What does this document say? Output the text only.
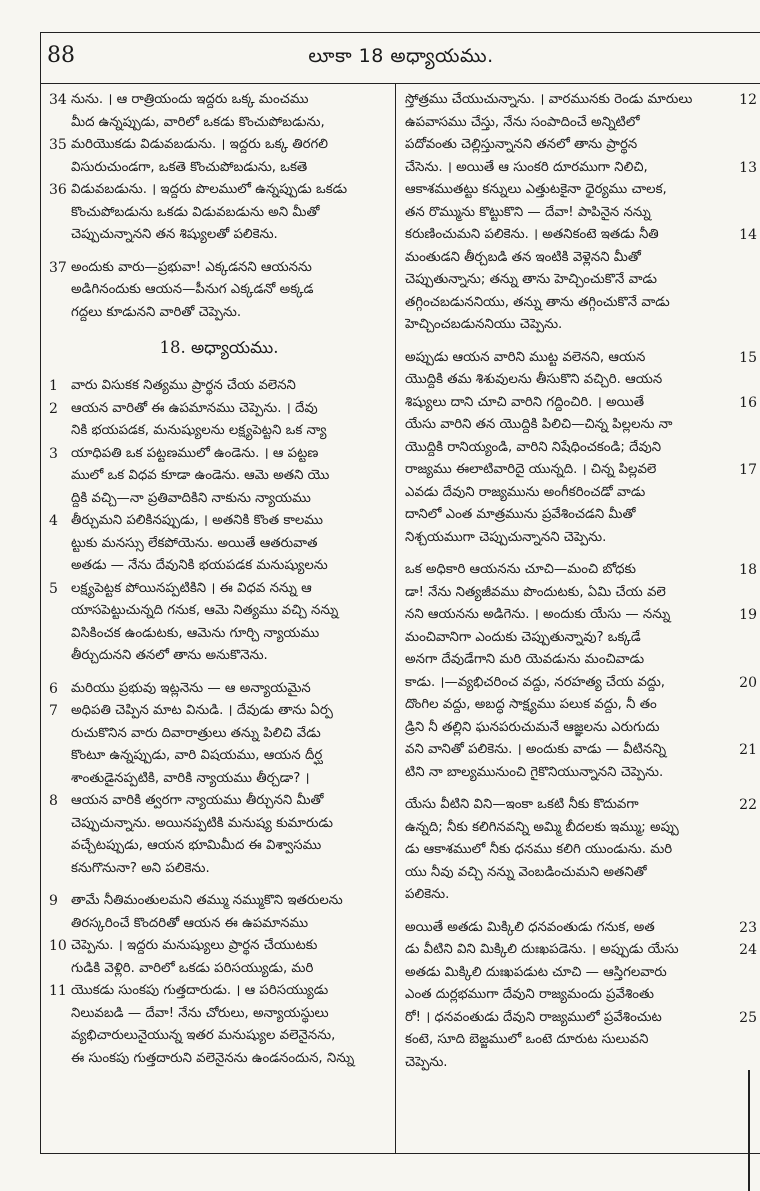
88	లూకా 18 అధ్యాయము.
34 నును. । ఆ రాత్రియందు ఇద్దరు ఒక్క మంచము
మీద ఉన్నప్పుడు, వారిలో ఒకడు కొంచుపోబడును,
35 మరియొకడు విడువబడును. । ఇద్దరు ఒక్క తిరగలి
విసురుచుండగా, ఒకతె కొంచుపోబడును, ఒకతె
36 విడువబడును. । ఇద్దరు పొలములో ఉన్నప్పుడు ఒకడు
కొంచుపోబడును ఒకడు విడువబడును అని మీతో
చెప్పుచున్నానని తన శిష్యులతో పలికెను.
37 అందుకు వారు—ప్రభువా! ఎక్కడనని ఆయనను
అడిగినందుకు ఆయన—పీనుగ ఎక్కడనో అక్కడ
గద్దలు కూడునని వారితో చెప్పెను.
18. అధ్యాయము.
1 వారు విసుకక నిత్యము ప్రార్థన చేయ వలెనని
2 ఆయన వారితో ఈ ఉపమానము చెప్పెను. । దేవు
నికి భయపడక, మనుష్యులను లక్ష్యపెట్టని ఒక న్యా
3 యాధిపతి ఒక పట్టణములో ఉండెను. । ఆ పట్టణ
ములో ఒక విధవ కూడా ఉండెను. ఆమె అతని యొ
ద్దికి వచ్చి—నా ప్రతివాదికిని నాకును న్యాయము
4 తీర్చుమని పలికినప్పుడు, । అతనికి కొంత కాలము
ట్టుకు మనస్సు లేకపోయెను. అయితే ఆతరువాత
అతడు — నేను దేవునికి భయపడక మనుష్యులను
5 లక్ష్యపెట్టక పోయినప్పటికిని । ఈ విధవ నన్ను ఆ
యాసపెట్టుచున్నది గనుక, ఆమె నిత్యము వచ్చి నన్ను
విసికించక ఉండుటకు, ఆమెను గూర్చి న్యాయము
తీర్చుదునని తనలో తాను అనుకొనెను.
6 మరియు ప్రభువు ఇట్లనెను — ఆ అన్యాయమైన
7 అధిపతి చెప్పిన మాట వినుడి. । దేవుడు తాను ఏర్ప
రుచుకొనిన వారు దివారాత్రులు తన్ను పిలిచి వేడు
కొంటూ ఉన్నప్పుడు, వారి విషయము, ఆయన దీర్ఘ
శాంతుడైనప్పటికి, వారికి న్యాయము తీర్చడా? ।
8 ఆయన వారికి త్వరగా న్యాయము తీర్చునని మీతో
చెప్పుచున్నాను. అయినప్పటికి మనుష్య కుమారుడు
వచ్చేటప్పుడు, ఆయన భూమిమీద ఈ విశ్వాసము
కనుగొనునా? అని పలికెను.
9 తామే నీతిమంతులమని తమ్ము నమ్ముకొని ఇతరులను
తిరస్కరించే కొందరితో ఆయన ఈ ఉపమానము
10 చెప్పెను. । ఇద్దరు మనుష్యులు ప్రార్థన చేయుటకు
గుడికి వెళ్లిరి. వారిలో ఒకడు పరిసయ్యుడు, మరి
11 యొకడు సుంకపు గుత్తదారుడు. । ఆ పరిసయ్యుడు
నిలువబడి — దేవా! నేను చోరులు, అన్యాయస్థులు
వ్యభిచారులునైయున్న ఇతర మనుష్యుల వలెనైనను,
ఈ సుంకపు గుత్తదారుని వలెనైనను ఉండనందున, నిన్ను
12
స్తోత్రము చేయుచున్నాను. । వారమునకు రెండు మారులు
ఉపవాసము చేస్తు, నేను సంపాదించే అన్నిటిలో
పదోవంతు చెల్లిస్తున్నానని తనలో తాను ప్రార్థన
13
చేసెను. । అయితే ఆ సుంకరి దూరముగా నిలిచి,
ఆకాశముతట్టు కన్నులు ఎత్తుటకైనా ధైర్యము చాలక,
తన రొమ్మును కొట్టుకొని — దేవా! పాపినైన నన్ను
14
కరుణించుమని పలికెను. । అతనికంటె ఇతడు నీతి
మంతుడని తీర్చబడి తన ఇంటికి వెళ్లెనని మీతో
చెప్పుతున్నాను; తన్ను తాను హెచ్చించుకొనే వాడు
తగ్గించబడుననియు, తన్ను తాను తగ్గించుకొనే వాడు
హెచ్చించబడుననియు చెప్పెను.
15
అప్పుడు ఆయన వారిని ముట్ట వలెనని, ఆయన
యొద్దికి తమ శిశువులను తీసుకొని వచ్చిరి. ఆయన
16
శిష్యులు దాని చూచి వారిని గద్దించిరి. । అయితే
యేసు వారిని తన యొద్దికి పిలిచి—చిన్న పిల్లలను నా
యొద్దికి రానియ్యండి, వారిని నిషేధించకండి; దేవుని
17
రాజ్యము ఈలాటివారిదై యున్నది. । చిన్న పిల్లవలె
ఎవడు దేవుని రాజ్యమును అంగీకరించడో వాడు
దానిలో ఎంత మాత్రమును ప్రవేశించడని మీతో
నిశ్చయముగా చెప్పుచున్నానని చెప్పెను.
18
ఒక అధికారి ఆయనను చూచి—మంచి బోధకు
డా! నేను నిత్యజీవము పొందుటకు, ఏమి చేయ వలె
19
నని ఆయనను అడిగెను. । అందుకు యేసు — నన్ను
మంచివానిగా ఎందుకు చెప్పుతున్నావు? ఒక్కడే
అనగా దేవుడేగాని మరి యెవడును మంచివాడు
20
కాడు. ।—వ్యభిచరించ వద్దు, నరహత్య చేయ వద్దు,
దొంగిల వద్దు, అబద్ధ సాక్ష్యము పలుక వద్దు, నీ తం
డ్రిని నీ తల్లిని ఘనపరుచుమనే ఆజ్ఞలను ఎరుగుదు
21
వని వానితో పలికెను. । అందుకు వాడు — వీటినన్ని
టిని నా బాల్యమునుంచి గైకొనియున్నానని చెప్పెను.
22
యేసు వీటిని విని—ఇంకా ఒకటి నీకు కొదువగా
ఉన్నది; నీకు కలిగినవన్ని అమ్మి బీదలకు ఇమ్ము; అప్పు
డు ఆకాశములో నీకు ధనము కలిగి యుండును. మరి
యు నీవు వచ్చి నన్ను వెంబడించుమని అతనితో
పలికెను.
23
అయితే అతడు మిక్కిలి ధనవంతుడు గనుక, అత
24
డు వీటిని విని మిక్కిలి దుఃఖపడెను. । అప్పుడు యేసు
అతడు మిక్కిలి దుఃఖపడుట చూచి — ఆస్తిగలవారు
ఎంత దుర్లభముగా దేవుని రాజ్యమందు ప్రవేశింతు
25
రో! । ధనవంతుడు దేవుని రాజ్యములో ప్రవేశించుట
కంటె, సూది బెజ్జములో ఒంటె దూరుట సులువని
చెప్పెను.
